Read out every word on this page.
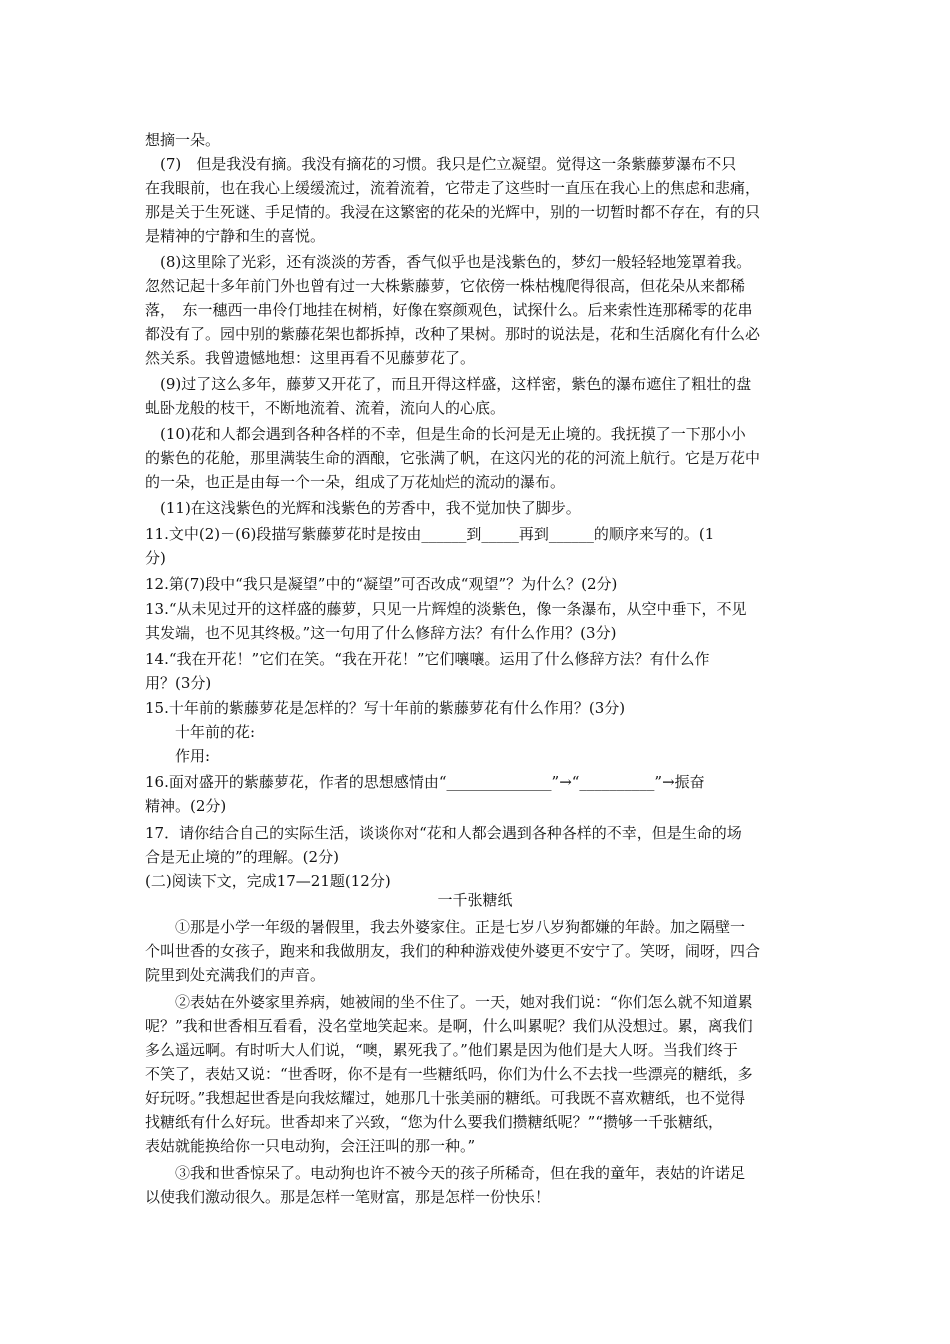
想摘一朵。
　(7)　但是我没有摘。我没有摘花的习惯。我只是伫立凝望。觉得这一条紫藤萝瀑布不只
在我眼前，也在我心上缓缓流过，流着流着，它带走了这些时一直压在我心上的焦虑和悲痛，
那是关于生死谜、手足情的。我浸在这繁密的花朵的光辉中，别的一切暂时都不存在，有的只
是精神的宁静和生的喜悦。
　(8)这里除了光彩，还有淡淡的芳香，香气似乎也是浅紫色的，梦幻一般轻轻地笼罩着我。
忽然记起十多年前门外也曾有过一大株紫藤萝，它依傍一株枯槐爬得很高，但花朵从来都稀
落，　东一穗西一串伶仃地挂在树梢，好像在察颜观色，试探什么。后来索性连那稀零的花串
都没有了。园中别的紫藤花架也都拆掉，改种了果树。那时的说法是，花和生活腐化有什么必
然关系。我曾遗憾地想：这里再看不见藤萝花了。
　(9)过了这么多年，藤萝又开花了，而且开得这样盛，这样密，紫色的瀑布遮住了粗壮的盘
虬卧龙般的枝干，不断地流着、流着，流向人的心底。
　(10)花和人都会遇到各种各样的不幸，但是生命的长河是无止境的。我抚摸了一下那小小
的紫色的花舱，那里满装生命的酒酿，它张满了帆，在这闪光的花的河流上航行。它是万花中
的一朵，也正是由每一个一朵，组成了万花灿烂的流动的瀑布。
　(11)在这浅紫色的光辉和浅紫色的芳香中，我不觉加快了脚步。
11.文中(2)－(6)段描写紫藤萝花时是按由______到_____再到______的顺序来写的。(1
分)
12.第(7)段中“我只是凝望”中的“凝望”可否改成“观望”？为什么？(2分)
13.“从未见过开的这样盛的藤萝，只见一片辉煌的淡紫色，像一条瀑布，从空中垂下，不见
其发端，也不见其终极。”这一句用了什么修辞方法？有什么作用？(3分)
14.“我在开花！”它们在笑。“我在开花！”它们嚷嚷。运用了什么修辞方法？有什么作
用？(3分)
15.十年前的紫藤萝花是怎样的？写十年前的紫藤萝花有什么作用？(3分)
　　十年前的花:
　　作用:
16.面对盛开的紫藤萝花，作者的思想感情由“______________”→“__________”→振奋
精神。(2分)
17．请你结合自己的实际生活，谈谈你对“花和人都会遇到各种各样的不幸，但是生命的场
合是无止境的”的理解。(2分)
(二)阅读下文，完成17—21题(12分)
一千张糖纸
　　①那是小学一年级的暑假里，我去外婆家住。正是七岁八岁狗都嫌的年龄。加之隔壁一
个叫世香的女孩子，跑来和我做朋友，我们的种种游戏使外婆更不安宁了。笑呀，闹呀，四合
院里到处充满我们的声音。
　　②表姑在外婆家里养病，她被闹的坐不住了。一天，她对我们说：“你们怎么就不知道累
呢？”我和世香相互看看，没名堂地笑起来。是啊，什么叫累呢？我们从没想过。累，离我们
多么遥远啊。有时听大人们说，“噢，累死我了。”他们累是因为他们是大人呀。当我们终于
不笑了，表姑又说：“世香呀，你不是有一些糖纸吗，你们为什么不去找一些漂亮的糖纸，多
好玩呀。”我想起世香是向我炫耀过，她那几十张美丽的糖纸。可我既不喜欢糖纸，也不觉得
找糖纸有什么好玩。世香却来了兴致，“您为什么要我们攒糖纸呢？”“攒够一千张糖纸，
表姑就能换给你一只电动狗，会汪汪叫的那一种。”
　　③我和世香惊呆了。电动狗也许不被今天的孩子所稀奇，但在我的童年，表姑的许诺足
以使我们激动很久。那是怎样一笔财富，那是怎样一份快乐！
